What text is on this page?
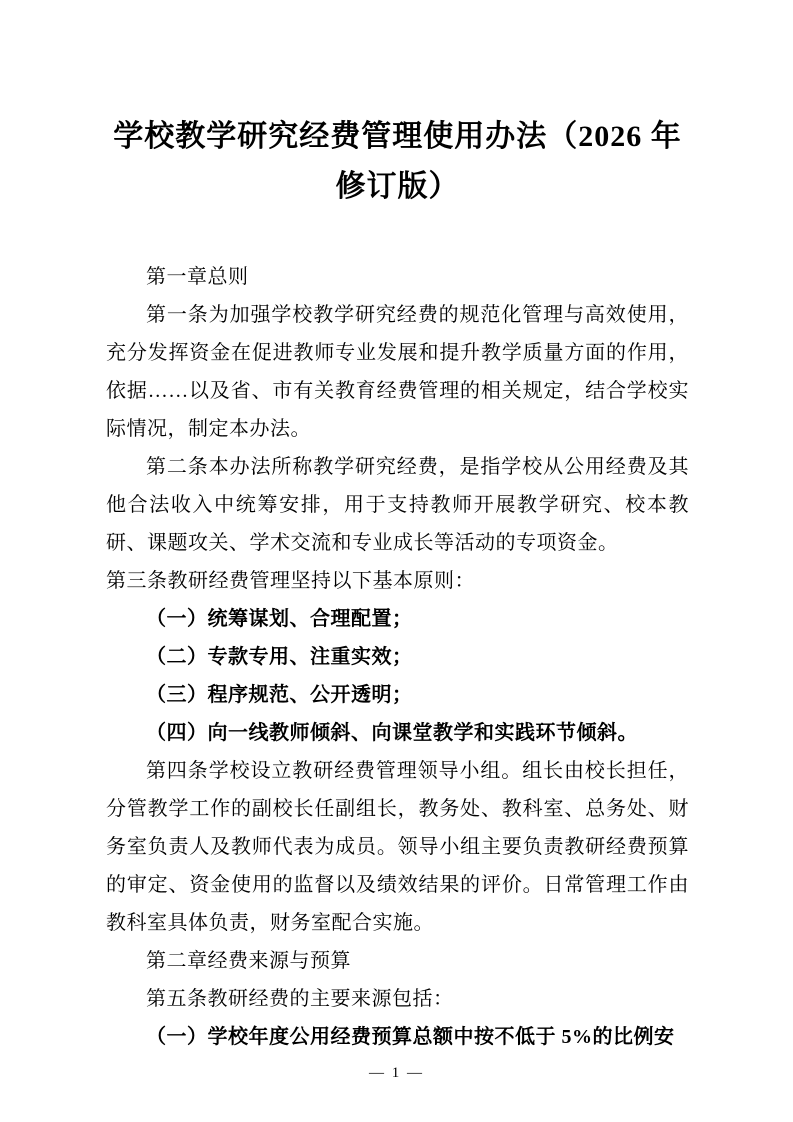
学校教学研究经费管理使用办法（2026 年修订版）

第一章总则

第一条为加强学校教学研究经费的规范化管理与高效使用，充分发挥资金在促进教师专业发展和提升教学质量方面的作用，依据……以及省、市有关教育经费管理的相关规定，结合学校实际情况，制定本办法。

第二条本办法所称教学研究经费，是指学校从公用经费及其他合法收入中统筹安排，用于支持教师开展教学研究、校本教研、课题攻关、学术交流和专业成长等活动的专项资金。

第三条教研经费管理坚持以下基本原则：

（一）统筹谋划、合理配置；

（二）专款专用、注重实效；

（三）程序规范、公开透明；

（四）向一线教师倾斜、向课堂教学和实践环节倾斜。

第四条学校设立教研经费管理领导小组。组长由校长担任，分管教学工作的副校长任副组长，教务处、教科室、总务处、财务室负责人及教师代表为成员。领导小组主要负责教研经费预算的审定、资金使用的监督以及绩效结果的评价。日常管理工作由教科室具体负责，财务室配合实施。

第二章经费来源与预算

第五条教研经费的主要来源包括：

（一）学校年度公用经费预算总额中按不低于 5%的比例安

— 1 —
